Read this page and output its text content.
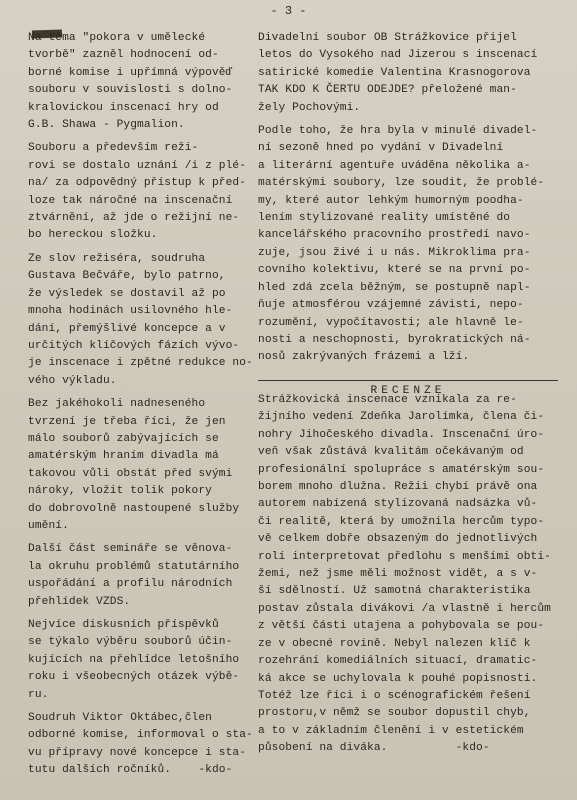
- 3 -

Na téma "pokora v umělecké
tvorbě" zazněl hodnocení od-
borné komise i upřímná výpověď
souboru v souvislosti s dolno-
kralovickou inscenací hry od
G.B. Shawa - Pygmalion.

Souboru a především reži-
rovi se dostalo uznání /i z plé-
na/ za odpovědný přístup k před-
loze tak náročné na inscenační
ztvárnění, až jde o režijní ne-
bo hereckou složku.

Ze slov režiséra, soudruha
Gustava Bečváře, bylo patrno,
že výsledek se dostavil až po
mnoha hodinách usilovného hle-
dání, přemýšlivé koncepce a v
určitých klíčových fázích vývo-
je inscenace i zpětné redukce no-
vého výkladu.

Bez jakéhokoli nadneseného
tvrzení je třeba říci, že jen
málo souborů zabývajících se
amatérským hraním divadla má
takovou vůli obstát před svými
nároky, vložit tolik pokory
do dobrovolně nastoupené služby
umění.

Další část semináře se věnova-
la okruhu problémů statutárního
uspořádání a profilu národních
přehlídek VZDS.

Nejvíce diskusních příspěvků
se týkalo výběru souborů účin-
kujících na přehlídce letošního
roku i všeobecných otázek výbě-
ru.

Soudruh Viktor Oktábec,člen
odborné komise, informoval o sta-
vu přípravy nové koncepce i sta-
tutu dalších ročníků.    -kdo-

Divadelní soubor OB Strážkovice přijel
letos do Vysokého nad Jizerou s inscenací
satirické komedie Valentina Krasnogorova
TAK KDO K ČERTU ODEJDE? přeložené man-
žely Pochovými.

Podle toho, že hra byla v minulé divadel-
ní sezoně hned po vydání v Divadelní
a literární agentuře uváděna několika a-
matérskými soubory, lze soudit, že problé-
my, které autor lehkým humorným poodha-
lením stylizované reality umístěné do
kancelářského pracovního prostředí navo-
zuje, jsou živé i u nás. Mikroklima pra-
covního kolektivu, které se na první po-
hled zdá zcela běžným, se postupně napl-
ňuje atmosférou vzájemné závisti, nepo-
rozumění, vypočítavosti; ale hlavně le-
nosti a neschopnosti, byrokratických ná-
nosů zakrývaných frázemi a lží.

RECENZE

Strážkovická inscenace vznikala za re-
žijního vedení Zdeňka Jarolímka, člena či-
nohry Jihočeského divadla. Inscenační úro-
veň však zůstává kvalitám očekávaným od
profesionální spolupráce s amatérským sou-
borem mnoho dlužna. Režii chybí právě ona
autorem nabízená stylizovaná nadsázka vů-
či realitě, která by umožnila hercům typo-
vě celkem dobře obsazeným do jednotlivých
rolí interpretovat předlohu s menšími obti-
žemi, než jsme měli možnost vidět, a s v-
ší sdělností. Už samotná charakteristika
postav zůstala divákovi /a vlastně i hercům
z větší části utajena a pohybovala se pou-
ze v obecné rovině. Nebyl nalezen klíč k
rozehrání komediálních situací, dramatic-
ká akce se uchylovala k pouhé popisnosti.
Totéž lze říci i o scénografickém řešení
prostoru,v němž se soubor dopustil chyb,
a to v základním členění i v estetickém
působení na diváka.          -kdo-
